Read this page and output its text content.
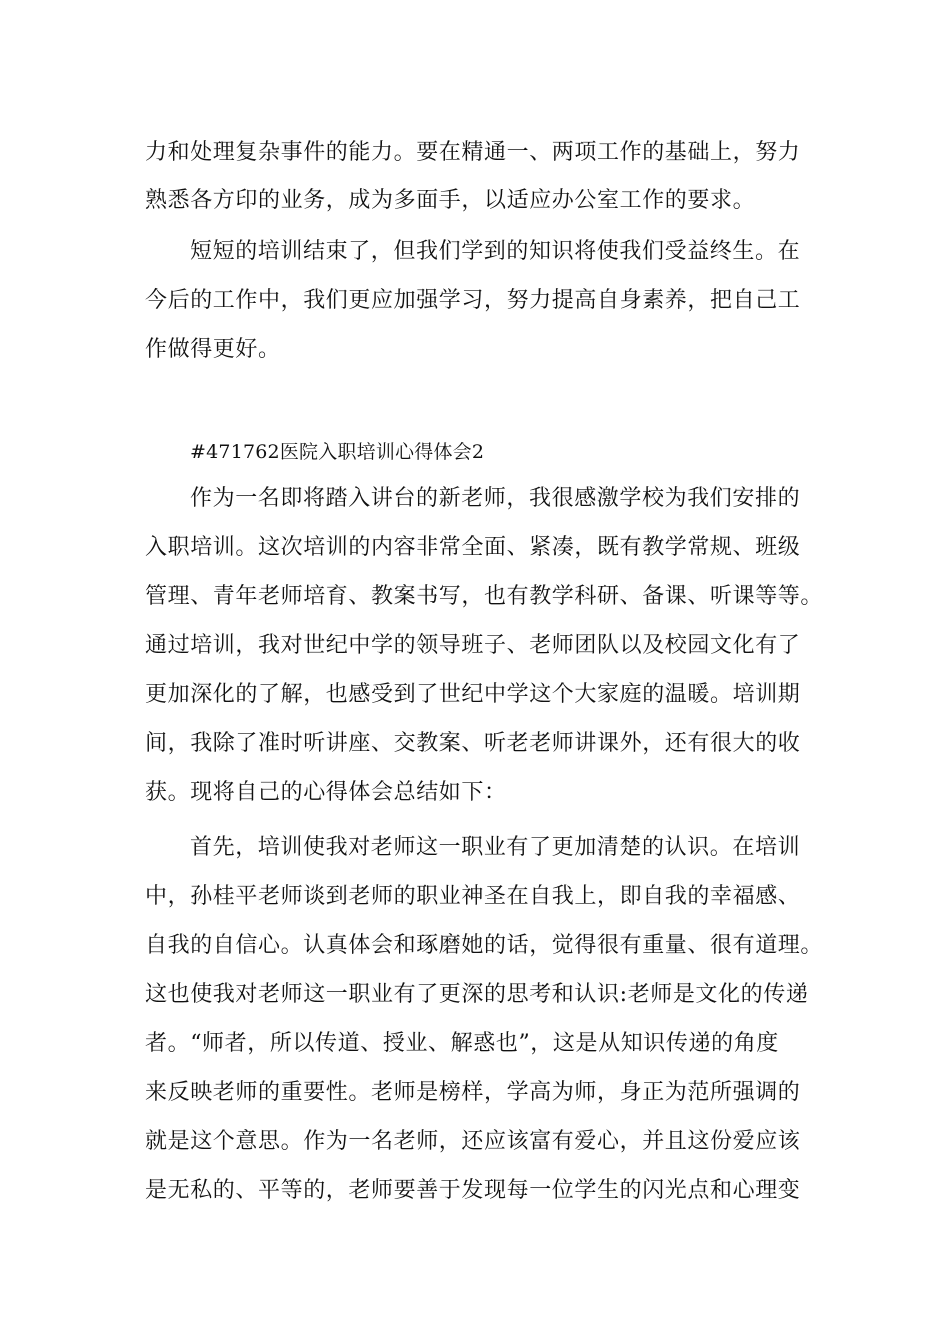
力和处理复杂事件的能力。要在精通一、两项工作的基础上，努力
熟悉各方印的业务，成为多面手，以适应办公室工作的要求。
短短的培训结束了，但我们学到的知识将使我们受益终生。在
今后的工作中，我们更应加强学习，努力提高自身素养，把自己工
作做得更好。
#471762医院入职培训心得体会2
作为一名即将踏入讲台的新老师，我很感激学校为我们安排的
入职培训。这次培训的内容非常全面、紧凑，既有教学常规、班级
管理、青年老师培育、教案书写，也有教学科研、备课、听课等等。
通过培训，我对世纪中学的领导班子、老师团队以及校园文化有了
更加深化的了解，也感受到了世纪中学这个大家庭的温暖。培训期
间，我除了准时听讲座、交教案、听老老师讲课外，还有很大的收
获。现将自己的心得体会总结如下：
首先，培训使我对老师这一职业有了更加清楚的认识。在培训
中，孙桂平老师谈到老师的职业神圣在自我上，即自我的幸福感、
自我的自信心。认真体会和琢磨她的话，觉得很有重量、很有道理。
这也使我对老师这一职业有了更深的思考和认识:老师是文化的传递
者。“师者，所以传道、授业、解惑也”，这是从知识传递的角度
来反映老师的重要性。老师是榜样，学高为师，身正为范所强调的
就是这个意思。作为一名老师，还应该富有爱心，并且这份爱应该
是无私的、平等的，老师要善于发现每一位学生的闪光点和心理变
